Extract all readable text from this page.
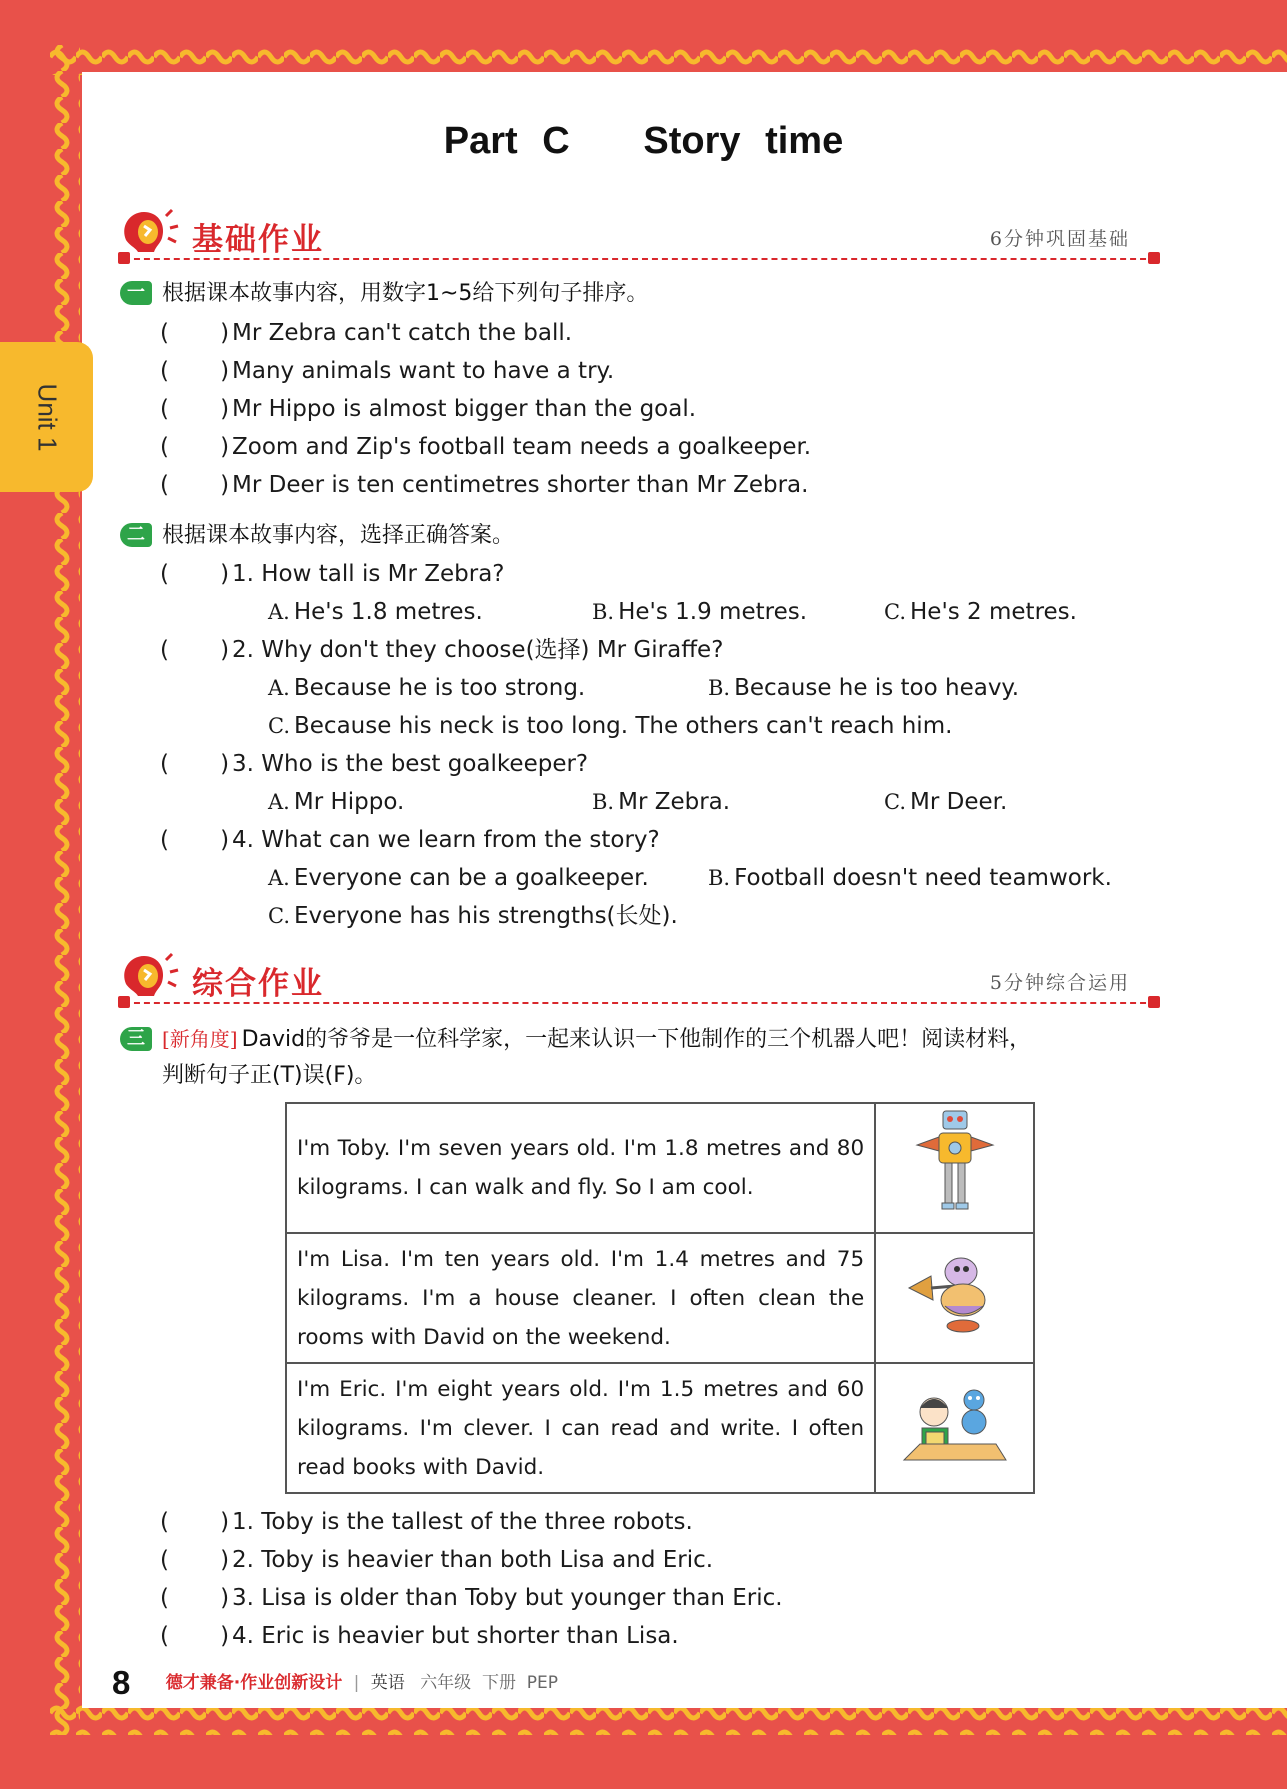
Unit 1
Part C   Story time
基础作业	6分钟巩固基础
一 根据课本故事内容，用数字1~5给下列句子排序。
(       ) Mr Zebra can't catch the ball.
(       ) Many animals want to have a try.
(       ) Mr Hippo is almost bigger than the goal.
(       ) Zoom and Zip's football team needs a goalkeeper.
(       ) Mr Deer is ten centimetres shorter than Mr Zebra.
二 根据课本故事内容，选择正确答案。
(       ) 1. How tall is Mr Zebra?
A. He's 1.8 metres.	B. He's 1.9 metres.	C. He's 2 metres.
(       ) 2. Why don't they choose(选择) Mr Giraffe?
A. Because he is too strong.	B. Because he is too heavy.
C. Because his neck is too long. The others can't reach him.
(       ) 3. Who is the best goalkeeper?
A. Mr Hippo.	B. Mr Zebra.	C. Mr Deer.
(       ) 4. What can we learn from the story?
A. Everyone can be a goalkeeper.	B. Football doesn't need teamwork.
C. Everyone has his strengths(长处).
综合作业	5分钟综合运用
三 [新角度] David的爷爷是一位科学家，一起来认识一下他制作的三个机器人吧！阅读材料，
判断句子正(T)误(F)。
I'm Toby. I'm seven years old. I'm 1.8 metres and 80 kilograms. I can walk and fly. So I am cool.	
I'm Lisa. I'm ten years old. I'm 1.4 metres and 75 kilograms. I'm a house cleaner. I often clean the rooms with David on the weekend.	
I'm Eric. I'm eight years old. I'm 1.5 metres and 60 kilograms. I'm clever. I can read and write. I often read books with David.	
(       ) 1. Toby is the tallest of the three robots.
(       ) 2. Toby is heavier than both Lisa and Eric.
(       ) 3. Lisa is older than Toby but younger than Eric.
(       ) 4. Eric is heavier but shorter than Lisa.
8 德才兼备·作业创新设计 | 英语 六年级  下册  PEP
